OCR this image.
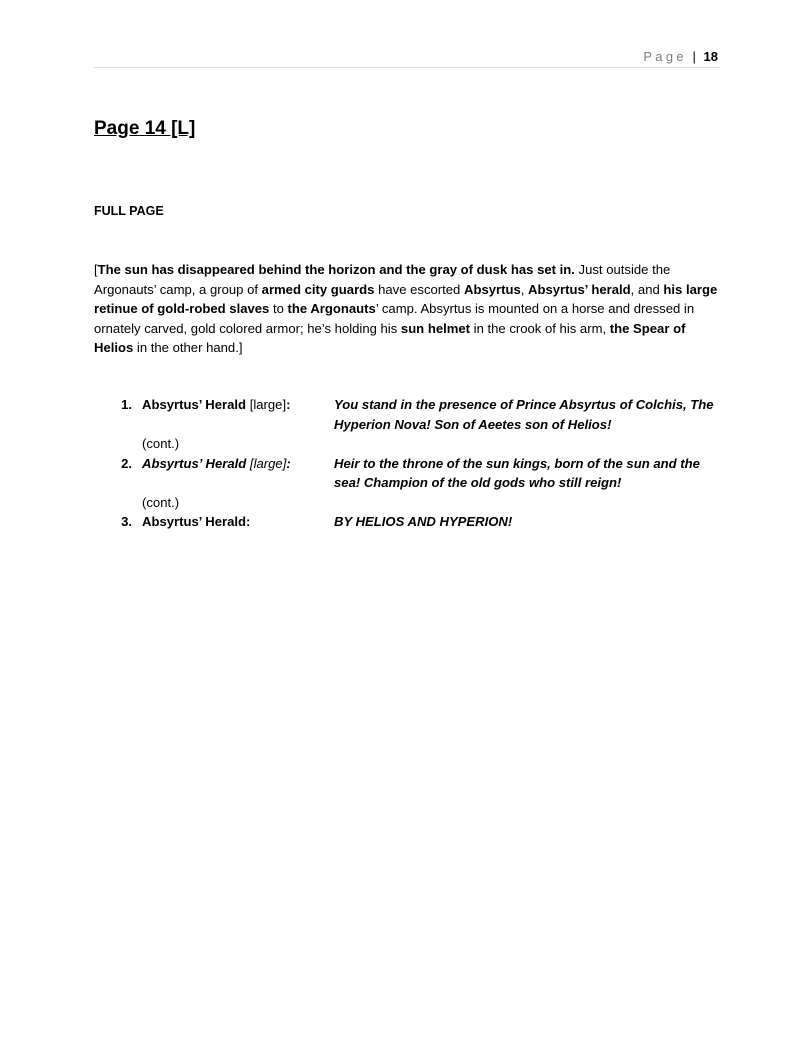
Page | 18
Page 14 [L]
FULL PAGE

[The sun has disappeared behind the horizon and the gray of dusk has set in. Just outside the Argonauts’ camp, a group of armed city guards have escorted Absyrtus, Absyrtus’ herald, and his large retinue of gold-robed slaves to the Argonauts’ camp. Absyrtus is mounted on a horse and dressed in ornately carved, gold colored armor; he’s holding his sun helmet in the crook of his arm, the Spear of Helios in the other hand.]

1. Absyrtus’ Herald [large]:	You stand in the presence of Prince Absyrtus of Colchis, The Hyperion Nova! Son of Aeetes son of Helios!
(cont.)
2. Absyrtus’ Herald [large]:	Heir to the throne of the sun kings, born of the sun and the sea! Champion of the old gods who still reign!
(cont.)
3. Absyrtus’ Herald:	BY HELIOS AND HYPERION!
